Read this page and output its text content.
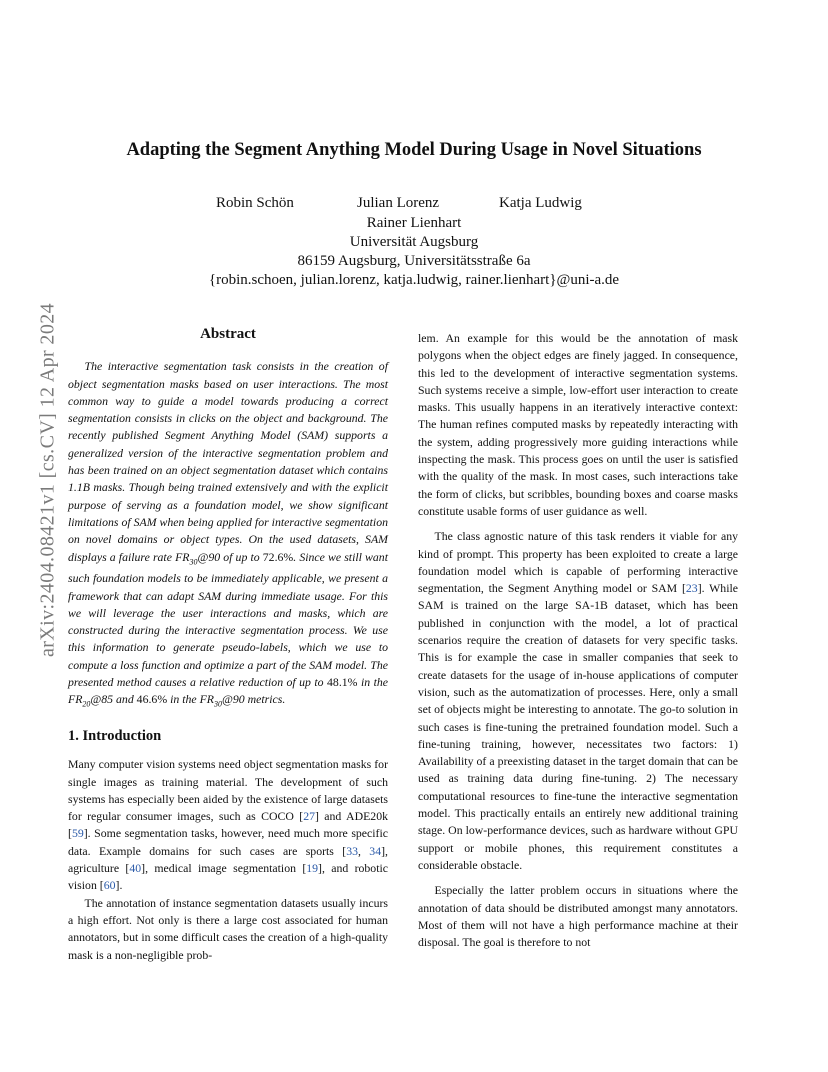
Adapting the Segment Anything Model During Usage in Novel Situations
Robin Schön	Julian Lorenz	Katja Ludwig
Rainer Lienhart
Universität Augsburg
86159 Augsburg, Universitätsstraße 6a
{robin.schoen, julian.lorenz, katja.ludwig, rainer.lienhart}@uni-a.de
arXiv:2404.08421v1 [cs.CV] 12 Apr 2024	Abstract

The interactive segmentation task consists in the creation of object segmentation masks based on user interactions. The most common way to guide a model towards producing a correct segmentation consists in clicks on the object and background. The recently published Segment Anything Model (SAM) supports a generalized version of the interactive segmentation problem and has been trained on an object segmentation dataset which contains 1.1B masks. Though being trained extensively and with the explicit purpose of serving as a foundation model, we show significant limitations of SAM when being applied for interactive segmentation on novel domains or object types. On the used datasets, SAM displays a failure rate $FR_{30}@90$ of up to 72.6%. Since we still want such foundation models to be immediately applicable, we present a framework that can adapt SAM during immediate usage. For this we will leverage the user interactions and masks, which are constructed during the interactive segmentation process. We use this information to generate pseudo-labels, which we use to compute a loss function and optimize a part of the SAM model. The presented method causes a relative reduction of up to 48.1% in the $FR_{20}@85$ and 46.6% in the $FR_{30}@90$ metrics.

1. Introduction

Many computer vision systems need object segmentation masks for single images as training material. The development of such systems has especially been aided by the existence of large datasets for regular consumer images, such as COCO [27] and ADE20k [59]. Some segmentation tasks, however, need much more specific data. Example domains for such cases are sports [33, 34], agriculture [40], medical image segmentation [19], and robotic vision [60].

The annotation of instance segmentation datasets usually incurs a high effort. Not only is there a large cost associated for human annotators, but in some difficult cases the creation of a high-quality mask is a non-negligible prob-

lem. An example for this would be the annotation of mask polygons when the object edges are finely jagged. In consequence, this led to the development of interactive segmentation systems. Such systems receive a simple, low-effort user interaction to create masks. This usually happens in an iteratively interactive context: The human refines computed masks by repeatedly interacting with the system, adding progressively more guiding interactions while inspecting the mask. This process goes on until the user is satisfied with the quality of the mask. In most cases, such interactions take the form of clicks, but scribbles, bounding boxes and coarse masks constitute usable forms of user guidance as well.

The class agnostic nature of this task renders it viable for any kind of prompt. This property has been exploited to create a large foundation model which is capable of performing interactive segmentation, the Segment Anything model or SAM [23]. While SAM is trained on the large SA-1B dataset, which has been published in conjunction with the model, a lot of practical scenarios require the creation of datasets for very specific tasks. This is for example the case in smaller companies that seek to create datasets for the usage of in-house applications of computer vision, such as the automatization of processes. Here, only a small set of objects might be interesting to annotate. The go-to solution in such cases is fine-tuning the pretrained foundation model. Such a fine-tuning training, however, necessitates two factors: 1) Availability of a preexisting dataset in the target domain that can be used as training data during fine-tuning. 2) The necessary computational resources to fine-tune the interactive segmentation model. This practically entails an entirely new additional training stage. On low-performance devices, such as hardware without GPU support or mobile phones, this requirement constitutes a considerable obstacle.

Especially the latter problem occurs in situations where the annotation of data should be distributed amongst many annotators. Most of them will not have a high performance machine at their disposal. The goal is therefore to not
